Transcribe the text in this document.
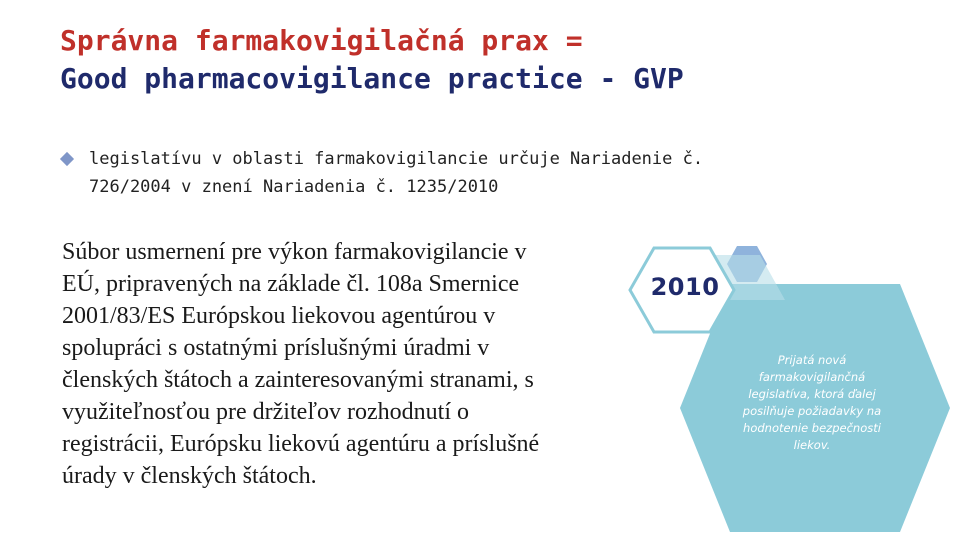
Správna farmakovigilačná prax =
Good pharmacovigilance practice - GVP
legislatívu v oblasti farmakovigilancie určuje Nariadenie č.
726/2004 v znení Nariadenia č. 1235/2010
Súbor usmernení pre výkon farmakovigilancie v
EÚ, pripravených na základe čl. 108a Smernice
2001/83/ES Európskou liekovou agentúrou v
spolupráci s ostatnými príslušnými úradmi v
členských štátoch a zainteresovanými stranami, s
využiteľnosťou pre držiteľov rozhodnutí o
registrácii, Európsku liekovú agentúru a príslušné
úrady v členských štátoch.
2010
Prijatá nová
farmakovigilančná
legislatíva, ktorá ďalej
posilňuje požiadavky na
hodnotenie bezpečnosti
liekov.
